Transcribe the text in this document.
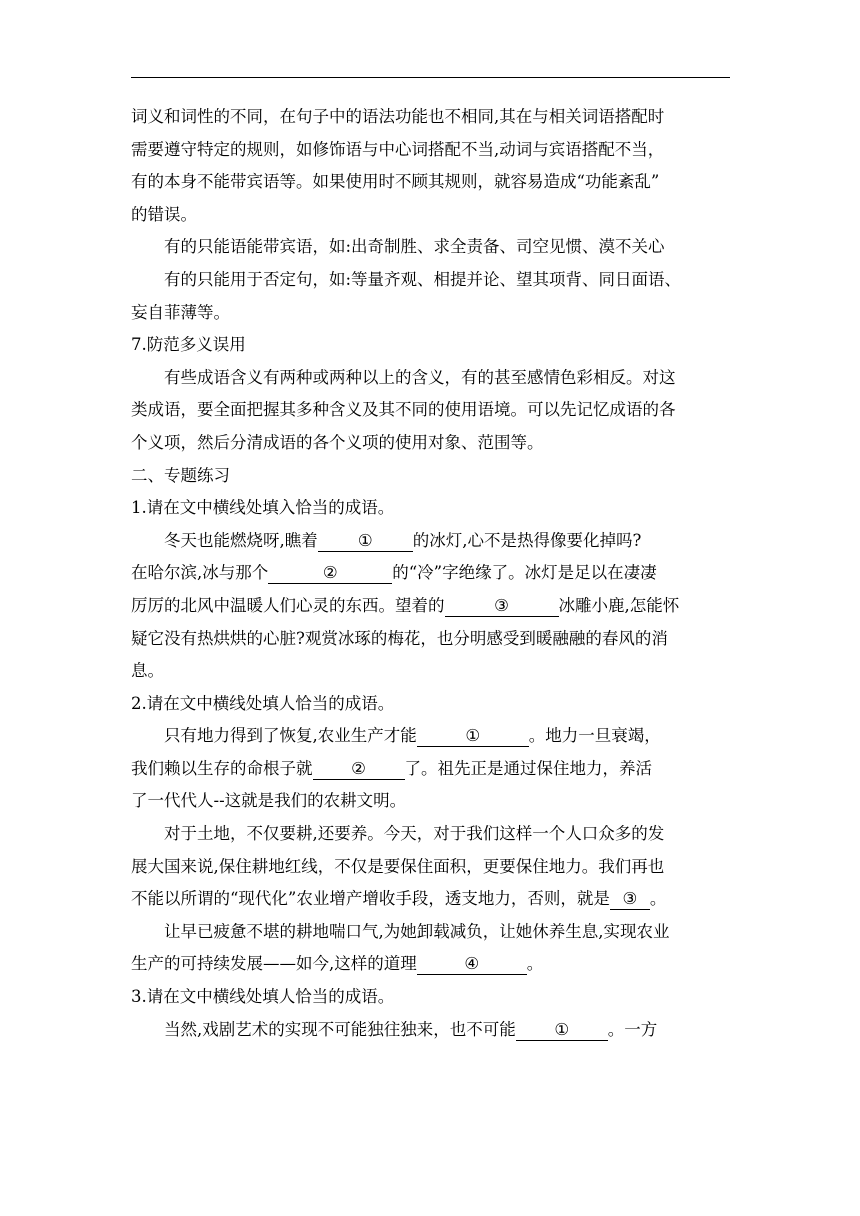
词义和词性的不同，在句子中的语法功能也不相同,其在与相关词语搭配时

需要遵守特定的规则，如修饰语与中心词搭配不当,动词与宾语搭配不当，

有的本身不能带宾语等。如果使用时不顾其规则，就容易造成“功能紊乱”

的错误。

有的只能语能带宾语，如:出奇制胜、求全责备、司空见惯、漠不关心

有的只能用于否定句，如:等量齐观、相提并论、望其项背、同日面语、

妄自菲薄等。

7.防范多义误用

有些成语含义有两种或两种以上的含义，有的甚至感情色彩相反。对这

类成语，要全面把握其多种含义及其不同的使用语境。可以先记忆成语的各

个义项，然后分清成语的各个义项的使用对象、范围等。

二、专题练习

1.请在文中横线处填入恰当的成语。

冬天也能燃烧呀,瞧着 ① 的冰灯,心不是热得像要化掉吗?

在哈尔滨,冰与那个	②	的“冷”字绝缘了。冰灯是足以在凄凄

厉厉的北风中温暖人们心灵的东西。望着的	③	冰雕小鹿,怎能怀

疑它没有热烘烘的心脏?观赏冰琢的梅花，也分明感受到暖融融的春风的消

息。

2.请在文中横线处填人恰当的成语。

只有地力得到了恢复,农业生产才能	①	。地力一旦衰竭，

我们赖以生存的命根子就 ② 了。祖先正是通过保住地力，养活

了一代代人--这就是我们的农耕文明。

对于土地，不仅要耕,还要养。今天，对于我们这样一个人口众多的发

展大国来说,保住耕地红线，不仅是要保住面积，更要保住地力。我们再也

不能以所谓的“现代化”农业增产增收手段，透支地力，否则，就是 ③ 。

让早已疲惫不堪的耕地喘口气,为她卸载减负，让她休养生息,实现农业

生产的可持续发展——如今,这样的道理	④	。

3.请在文中横线处填人恰当的成语。

当然,戏剧艺术的实现不可能独往独来，也不可能 ① 。一方
